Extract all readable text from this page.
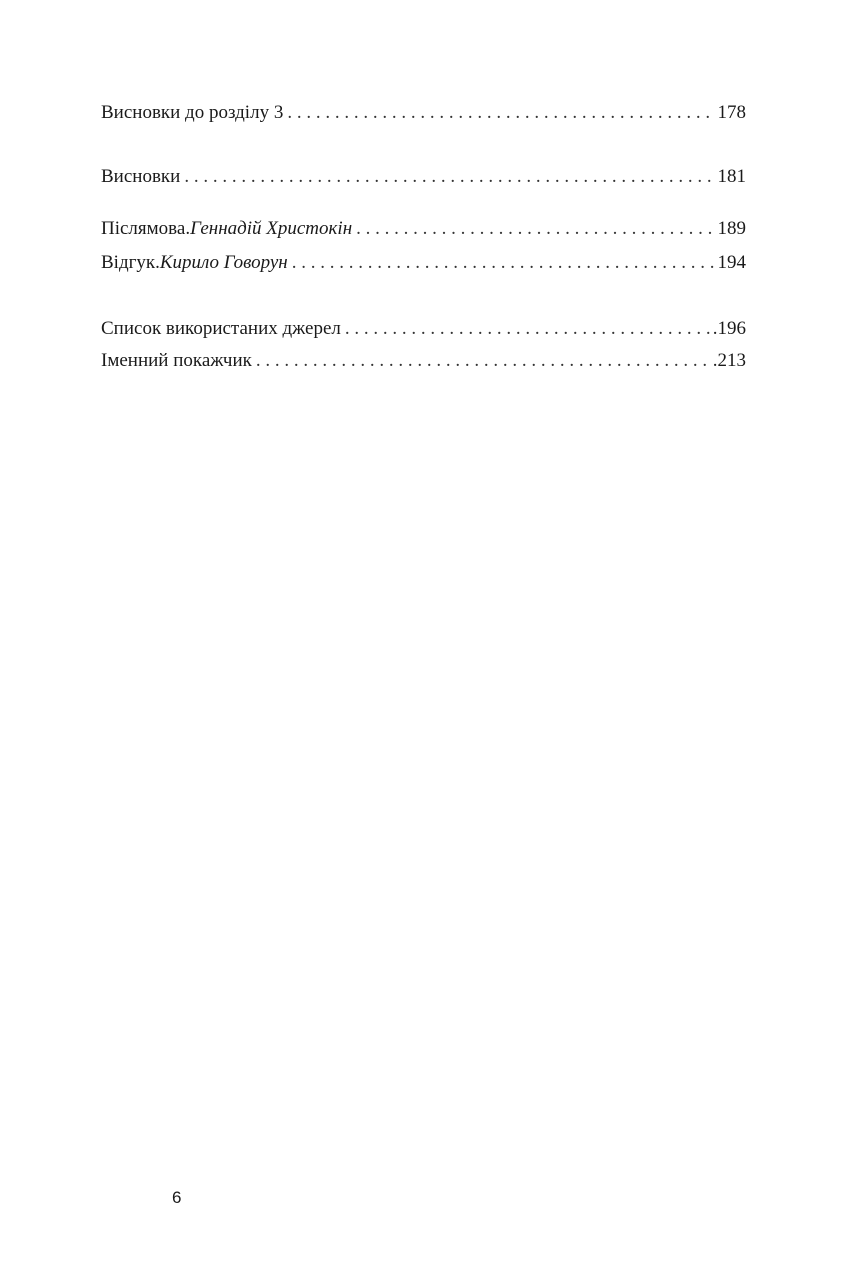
Висновки до розділу 3 . . .	178
Висновки . . .	181
Післямова. Геннадій Христокін . . .	189
Відгук. Кирило Говорун . . .	194
Список використаних джерел . . .	.196
Іменний покажчик . . .	.213
6
